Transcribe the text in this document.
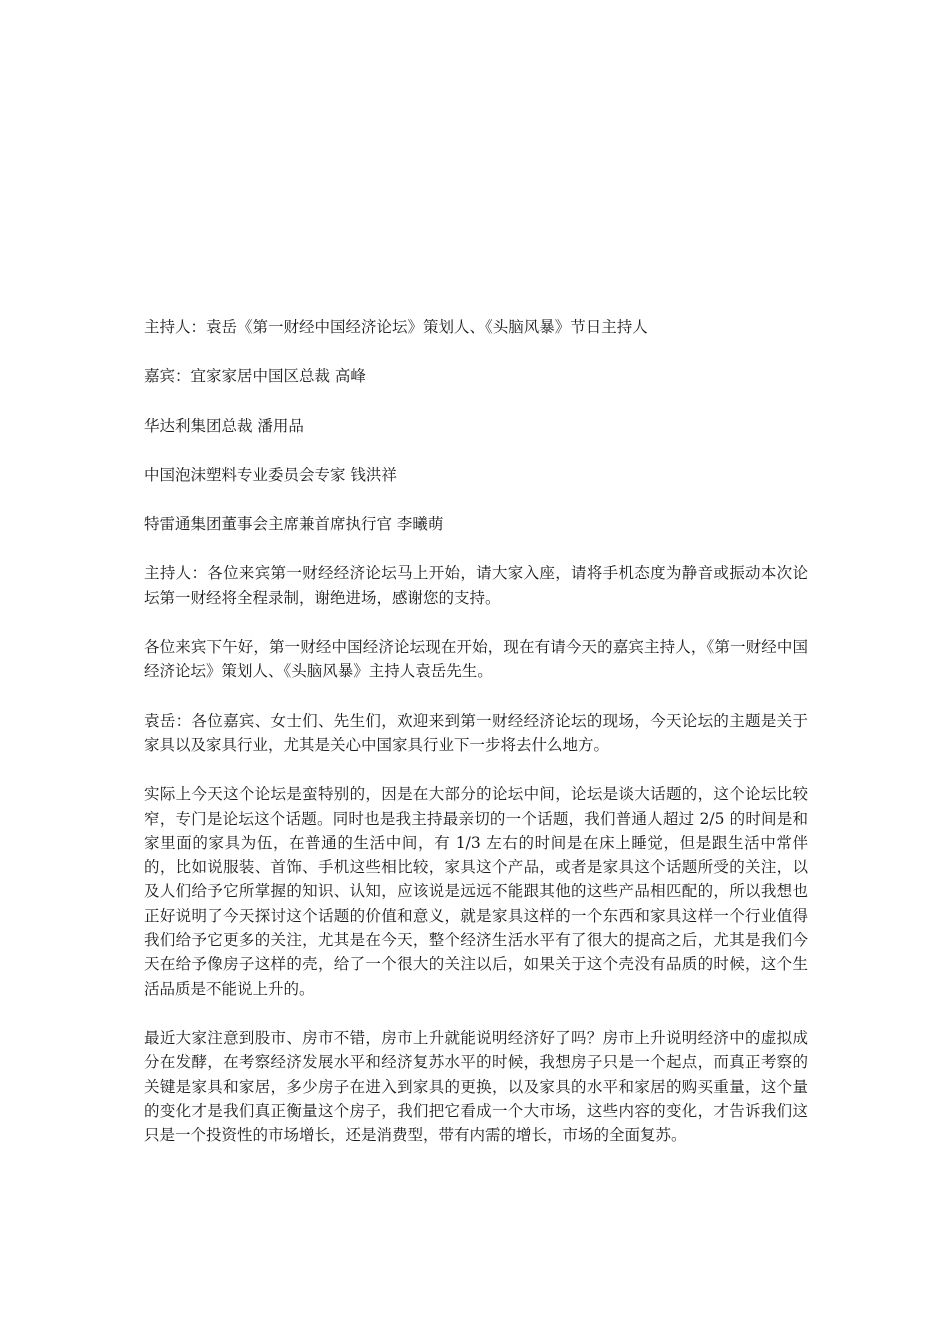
主持人：袁岳《第一财经中国经济论坛》策划人、《头脑风暴》节日主持人

嘉宾：宜家家居中国区总裁 高峰

华达利集团总裁 潘用品

中国泡沫塑料专业委员会专家 钱洪祥

特雷通集团董事会主席兼首席执行官 李曦萌

主持人：各位来宾第一财经经济论坛马上开始，请大家入座，请将手机态度为静音或振动本次论坛第一财经将全程录制，谢绝进场，感谢您的支持。

各位来宾下午好，第一财经中国经济论坛现在开始，现在有请今天的嘉宾主持人，《第一财经中国经济论坛》策划人、《头脑风暴》主持人袁岳先生。

袁岳：各位嘉宾、女士们、先生们，欢迎来到第一财经经济论坛的现场，今天论坛的主题是关于家具以及家具行业，尤其是关心中国家具行业下一步将去什么地方。

实际上今天这个论坛是蛮特别的，因是在大部分的论坛中间，论坛是谈大话题的，这个论坛比较窄，专门是论坛这个话题。同时也是我主持最亲切的一个话题，我们普通人超过 2/5 的时间是和家里面的家具为伍，在普通的生活中间，有 1/3 左右的时间是在床上睡觉，但是跟生活中常伴的，比如说服装、首饰、手机这些相比较，家具这个产品，或者是家具这个话题所受的关注，以及人们给予它所掌握的知识、认知，应该说是远远不能跟其他的这些产品相匹配的，所以我想也正好说明了今天探讨这个话题的价值和意义，就是家具这样的一个东西和家具这样一个行业值得我们给予它更多的关注，尤其是在今天，整个经济生活水平有了很大的提高之后，尤其是我们今天在给予像房子这样的壳，给了一个很大的关注以后，如果关于这个壳没有品质的时候，这个生活品质是不能说上升的。

最近大家注意到股市、房市不错，房市上升就能说明经济好了吗？房市上升说明经济中的虚拟成分在发酵，在考察经济发展水平和经济复苏水平的时候，我想房子只是一个起点，而真正考察的关键是家具和家居，多少房子在进入到家具的更换，以及家具的水平和家居的购买重量，这个量的变化才是我们真正衡量这个房子，我们把它看成一个大市场，这些内容的变化，才告诉我们这只是一个投资性的市场增长，还是消费型，带有内需的增长，市场的全面复苏。
